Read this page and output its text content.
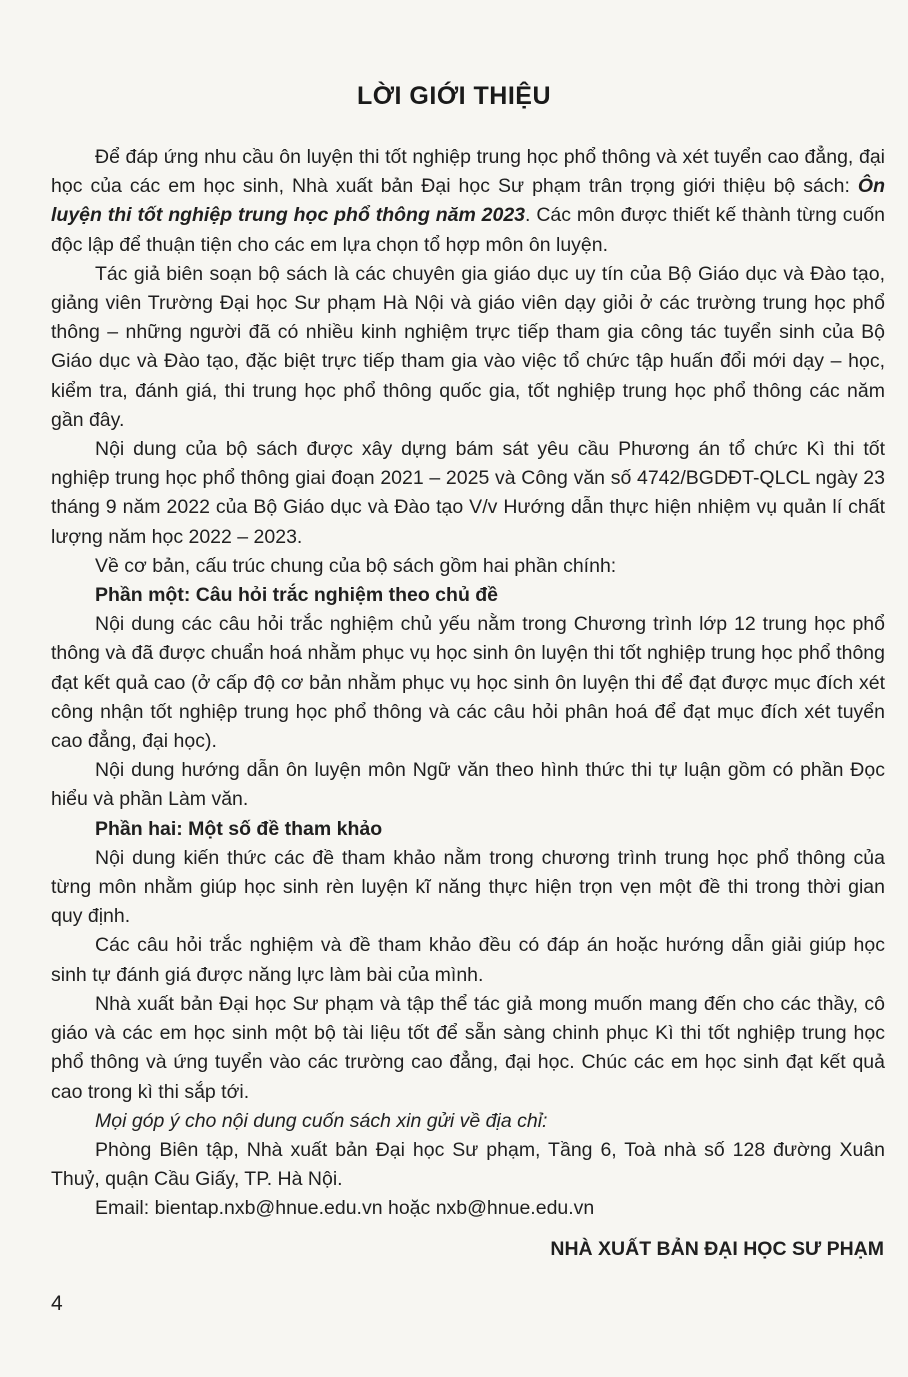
LỜI GIỚI THIỆU

Để đáp ứng nhu cầu ôn luyện thi tốt nghiệp trung học phổ thông và xét tuyển cao đẳng, đại học của các em học sinh, Nhà xuất bản Đại học Sư phạm trân trọng giới thiệu bộ sách: Ôn luyện thi tốt nghiệp trung học phổ thông năm 2023. Các môn được thiết kế thành từng cuốn độc lập để thuận tiện cho các em lựa chọn tổ hợp môn ôn luyện.

Tác giả biên soạn bộ sách là các chuyên gia giáo dục uy tín của Bộ Giáo dục và Đào tạo, giảng viên Trường Đại học Sư phạm Hà Nội và giáo viên dạy giỏi ở các trường trung học phổ thông – những người đã có nhiều kinh nghiệm trực tiếp tham gia công tác tuyển sinh của Bộ Giáo dục và Đào tạo, đặc biệt trực tiếp tham gia vào việc tổ chức tập huấn đổi mới dạy – học, kiểm tra, đánh giá, thi trung học phổ thông quốc gia, tốt nghiệp trung học phổ thông các năm gần đây.

Nội dung của bộ sách được xây dựng bám sát yêu cầu Phương án tổ chức Kì thi tốt nghiệp trung học phổ thông giai đoạn 2021 – 2025 và Công văn số 4742/BGDĐT-QLCL ngày 23 tháng 9 năm 2022 của Bộ Giáo dục và Đào tạo V/v Hướng dẫn thực hiện nhiệm vụ quản lí chất lượng năm học 2022 – 2023.

Về cơ bản, cấu trúc chung của bộ sách gồm hai phần chính:

Phần một: Câu hỏi trắc nghiệm theo chủ đề

Nội dung các câu hỏi trắc nghiệm chủ yếu nằm trong Chương trình lớp 12 trung học phổ thông và đã được chuẩn hoá nhằm phục vụ học sinh ôn luyện thi tốt nghiệp trung học phổ thông đạt kết quả cao (ở cấp độ cơ bản nhằm phục vụ học sinh ôn luyện thi để đạt được mục đích xét công nhận tốt nghiệp trung học phổ thông và các câu hỏi phân hoá để đạt mục đích xét tuyển cao đẳng, đại học).

Nội dung hướng dẫn ôn luyện môn Ngữ văn theo hình thức thi tự luận gồm có phần Đọc hiểu và phần Làm văn.

Phần hai: Một số đề tham khảo

Nội dung kiến thức các đề tham khảo nằm trong chương trình trung học phổ thông của từng môn nhằm giúp học sinh rèn luyện kĩ năng thực hiện trọn vẹn một đề thi trong thời gian quy định.

Các câu hỏi trắc nghiệm và đề tham khảo đều có đáp án hoặc hướng dẫn giải giúp học sinh tự đánh giá được năng lực làm bài của mình.

Nhà xuất bản Đại học Sư phạm và tập thể tác giả mong muốn mang đến cho các thầy, cô giáo và các em học sinh một bộ tài liệu tốt để sẵn sàng chinh phục Kì thi tốt nghiệp trung học phổ thông và ứng tuyển vào các trường cao đẳng, đại học. Chúc các em học sinh đạt kết quả cao trong kì thi sắp tới.

Mọi góp ý cho nội dung cuốn sách xin gửi về địa chỉ:

Phòng Biên tập, Nhà xuất bản Đại học Sư phạm, Tầng 6, Toà nhà số 128 đường Xuân Thuỷ, quận Cầu Giấy, TP. Hà Nội.

Email: bientap.nxb@hnue.edu.vn hoặc nxb@hnue.edu.vn

NHÀ XUẤT BẢN ĐẠI HỌC SƯ PHẠM
4
